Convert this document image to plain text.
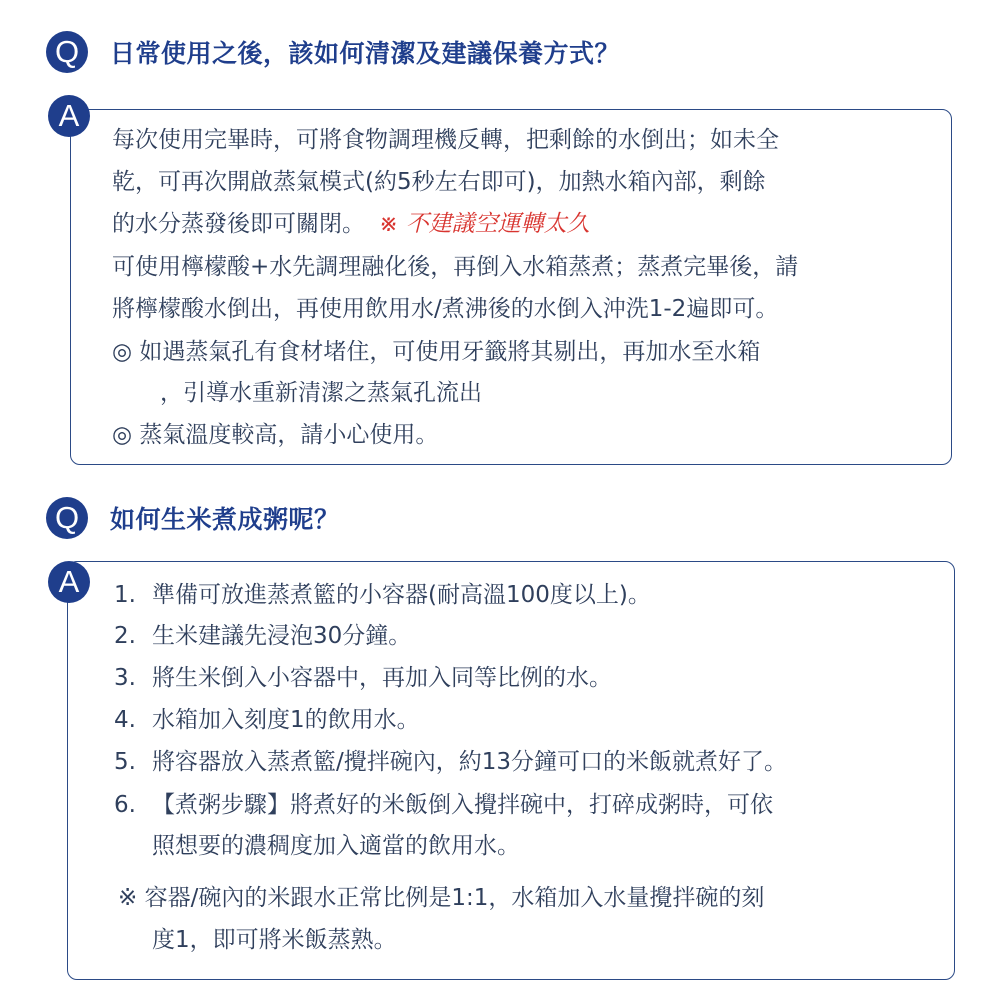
Q	日常使用之後，該如何清潔及建議保養方式？
A
每次使用完畢時，可將食物調理機反轉，把剩餘的水倒出；如未全
乾，可再次開啟蒸氣模式(約5秒左右即可)，加熱水箱內部，剩餘
的水分蒸發後即可關閉。 ※ 不建議空運轉太久
可使用檸檬酸+水先調理融化後，再倒入水箱蒸煮；蒸煮完畢後，請
將檸檬酸水倒出，再使用飲用水/煮沸後的水倒入沖洗1-2遍即可。
◎ 如遇蒸氣孔有食材堵住，可使用牙籤將其剔出，再加水至水箱
，引導水重新清潔之蒸氣孔流出
◎ 蒸氣溫度較高，請小心使用。
Q	如何生米煮成粥呢？
A	1. 準備可放進蒸煮籃的小容器(耐高溫100度以上)。
2. 生米建議先浸泡30分鐘。
3. 將生米倒入小容器中，再加入同等比例的水。
4. 水箱加入刻度1的飲用水。
5. 將容器放入蒸煮籃/攪拌碗內，約13分鐘可口的米飯就煮好了。
6. 【煮粥步驟】將煮好的米飯倒入攪拌碗中，打碎成粥時，可依
照想要的濃稠度加入適當的飲用水。
※ 容器/碗內的米跟水正常比例是1:1，水箱加入水量攪拌碗的刻
度1，即可將米飯蒸熟。
